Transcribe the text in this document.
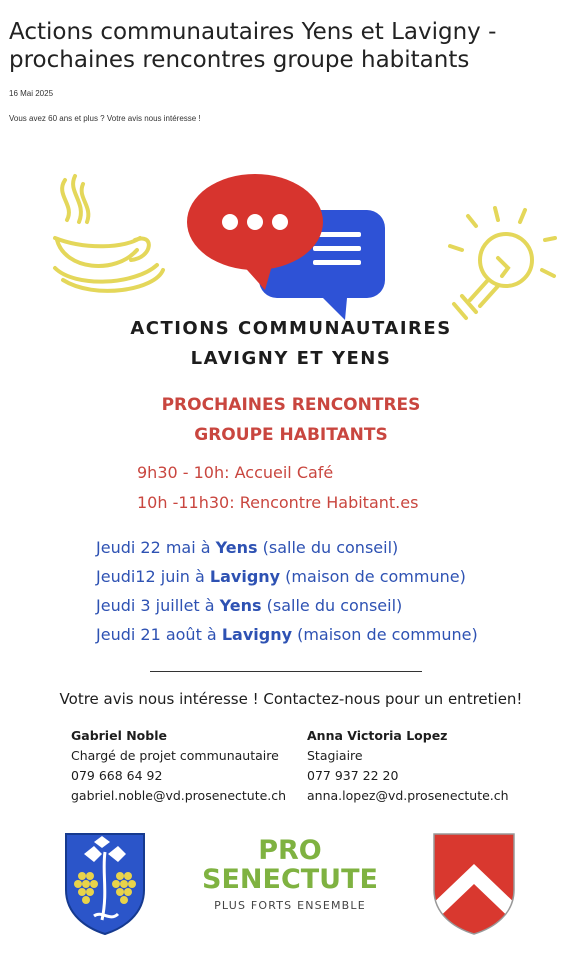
Actions communautaires Yens et Lavigny - prochaines rencontres groupe habitants
16 Mai 2025
Vous avez 60 ans et plus ? Votre avis nous intéresse !
ACTIONS COMMUNAUTAIRES
LAVIGNY ET YENS
PROCHAINES RENCONTRES
GROUPE HABITANTS
9h30 - 10h: Accueil Café
10h -11h30: Rencontre Habitant.es
Jeudi 22 mai à Yens (salle du conseil)
Jeudi12 juin à Lavigny (maison de commune)
Jeudi 3 juillet à Yens (salle du conseil)
Jeudi 21 août à Lavigny (maison de commune)
Votre avis nous intéresse ! Contactez-nous pour un entretien!
Gabriel Noble
Chargé de projet communautaire
079 668 64 92
gabriel.noble@vd.prosenectute.ch
Anna Victoria Lopez
Stagiaire
077 937 22 20
anna.lopez@vd.prosenectute.ch
PRO
SENECTUTE
PLUS FORTS ENSEMBLE
